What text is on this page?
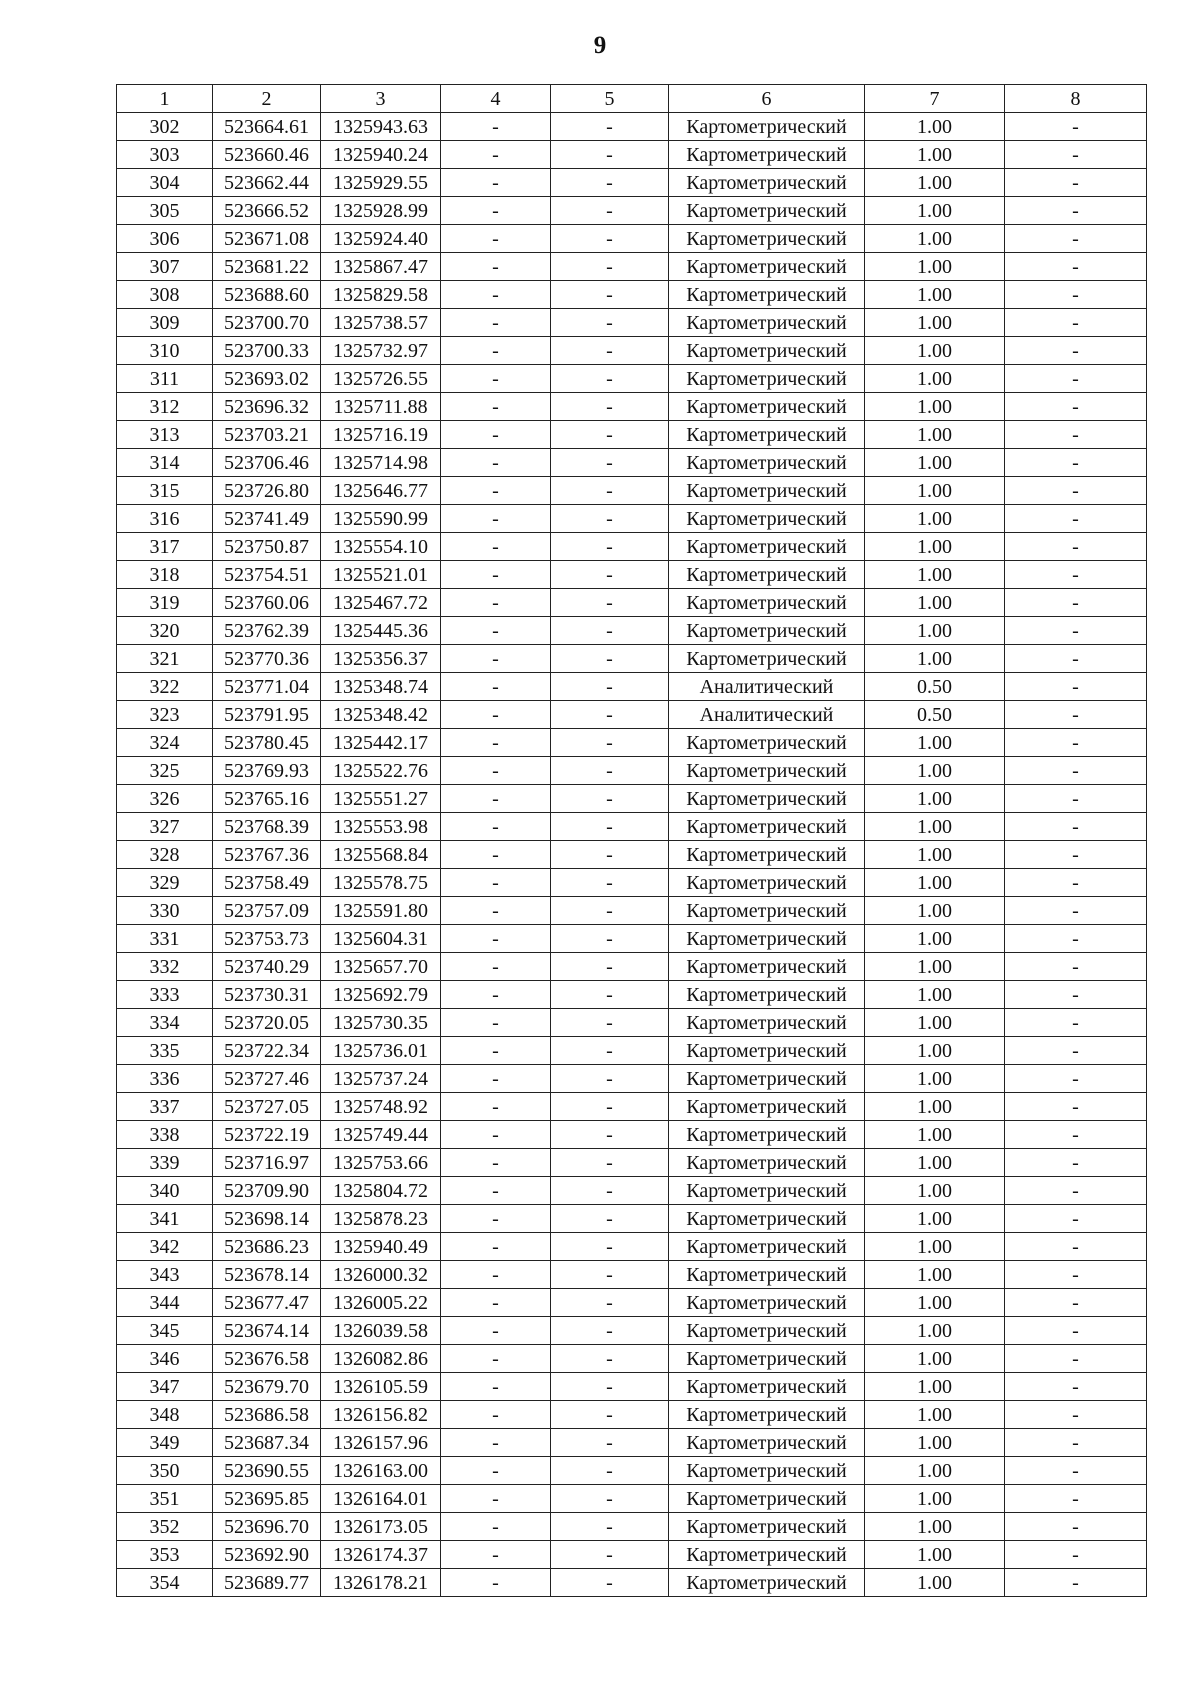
9
1	2	3	4	5	6	7	8
302	523664.61	1325943.63	-	-	Картометрический	1.00	-
303	523660.46	1325940.24	-	-	Картометрический	1.00	-
304	523662.44	1325929.55	-	-	Картометрический	1.00	-
305	523666.52	1325928.99	-	-	Картометрический	1.00	-
306	523671.08	1325924.40	-	-	Картометрический	1.00	-
307	523681.22	1325867.47	-	-	Картометрический	1.00	-
308	523688.60	1325829.58	-	-	Картометрический	1.00	-
309	523700.70	1325738.57	-	-	Картометрический	1.00	-
310	523700.33	1325732.97	-	-	Картометрический	1.00	-
311	523693.02	1325726.55	-	-	Картометрический	1.00	-
312	523696.32	1325711.88	-	-	Картометрический	1.00	-
313	523703.21	1325716.19	-	-	Картометрический	1.00	-
314	523706.46	1325714.98	-	-	Картометрический	1.00	-
315	523726.80	1325646.77	-	-	Картометрический	1.00	-
316	523741.49	1325590.99	-	-	Картометрический	1.00	-
317	523750.87	1325554.10	-	-	Картометрический	1.00	-
318	523754.51	1325521.01	-	-	Картометрический	1.00	-
319	523760.06	1325467.72	-	-	Картометрический	1.00	-
320	523762.39	1325445.36	-	-	Картометрический	1.00	-
321	523770.36	1325356.37	-	-	Картометрический	1.00	-
322	523771.04	1325348.74	-	-	Аналитический	0.50	-
323	523791.95	1325348.42	-	-	Аналитический	0.50	-
324	523780.45	1325442.17	-	-	Картометрический	1.00	-
325	523769.93	1325522.76	-	-	Картометрический	1.00	-
326	523765.16	1325551.27	-	-	Картометрический	1.00	-
327	523768.39	1325553.98	-	-	Картометрический	1.00	-
328	523767.36	1325568.84	-	-	Картометрический	1.00	-
329	523758.49	1325578.75	-	-	Картометрический	1.00	-
330	523757.09	1325591.80	-	-	Картометрический	1.00	-
331	523753.73	1325604.31	-	-	Картометрический	1.00	-
332	523740.29	1325657.70	-	-	Картометрический	1.00	-
333	523730.31	1325692.79	-	-	Картометрический	1.00	-
334	523720.05	1325730.35	-	-	Картометрический	1.00	-
335	523722.34	1325736.01	-	-	Картометрический	1.00	-
336	523727.46	1325737.24	-	-	Картометрический	1.00	-
337	523727.05	1325748.92	-	-	Картометрический	1.00	-
338	523722.19	1325749.44	-	-	Картометрический	1.00	-
339	523716.97	1325753.66	-	-	Картометрический	1.00	-
340	523709.90	1325804.72	-	-	Картометрический	1.00	-
341	523698.14	1325878.23	-	-	Картометрический	1.00	-
342	523686.23	1325940.49	-	-	Картометрический	1.00	-
343	523678.14	1326000.32	-	-	Картометрический	1.00	-
344	523677.47	1326005.22	-	-	Картометрический	1.00	-
345	523674.14	1326039.58	-	-	Картометрический	1.00	-
346	523676.58	1326082.86	-	-	Картометрический	1.00	-
347	523679.70	1326105.59	-	-	Картометрический	1.00	-
348	523686.58	1326156.82	-	-	Картометрический	1.00	-
349	523687.34	1326157.96	-	-	Картометрический	1.00	-
350	523690.55	1326163.00	-	-	Картометрический	1.00	-
351	523695.85	1326164.01	-	-	Картометрический	1.00	-
352	523696.70	1326173.05	-	-	Картометрический	1.00	-
353	523692.90	1326174.37	-	-	Картометрический	1.00	-
354	523689.77	1326178.21	-	-	Картометрический	1.00	-
